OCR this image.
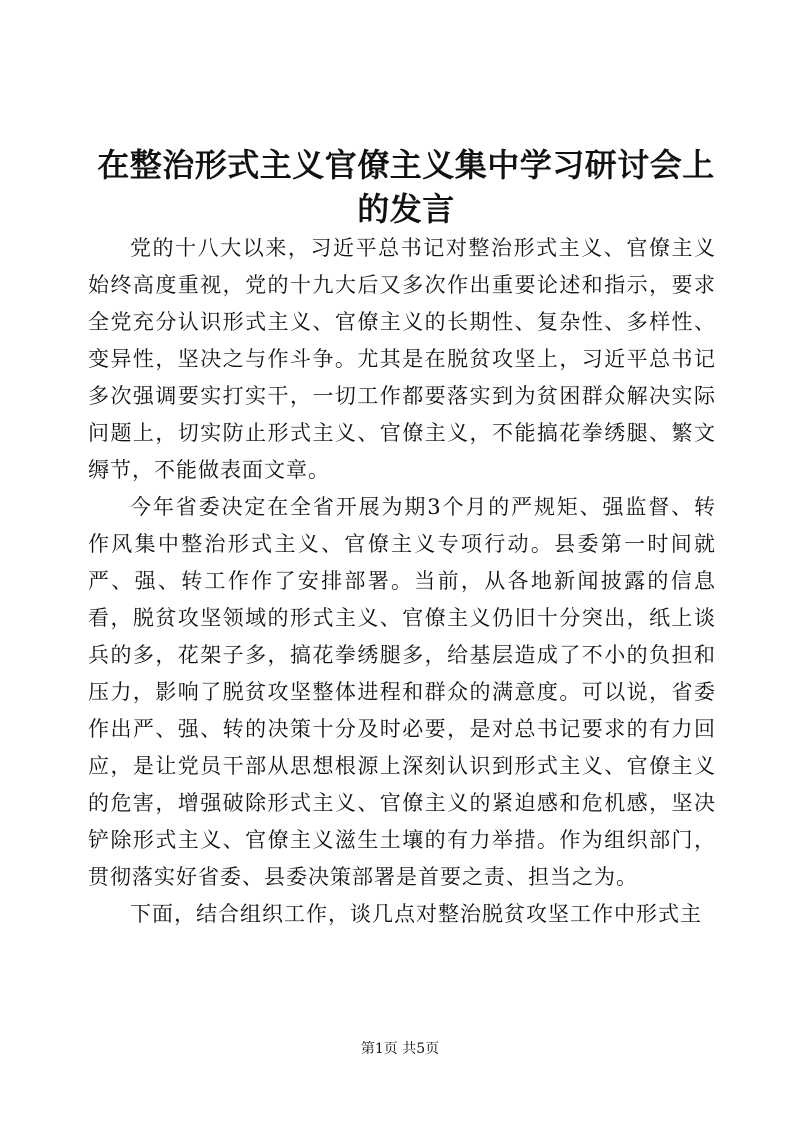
在整治形式主义官僚主义集中学习研讨会上的发言

党的十八大以来，习近平总书记对整治形式主义、官僚主义始终高度重视，党的十九大后又多次作出重要论述和指示，要求全党充分认识形式主义、官僚主义的长期性、复杂性、多样性、变异性，坚决之与作斗争。尤其是在脱贫攻坚上，习近平总书记多次强调要实打实干，一切工作都要落实到为贫困群众解决实际问题上，切实防止形式主义、官僚主义，不能搞花拳绣腿、繁文缛节，不能做表面文章。

今年省委决定在全省开展为期3个月的严规矩、强监督、转作风集中整治形式主义、官僚主义专项行动。县委第一时间就严、强、转工作作了安排部署。当前，从各地新闻披露的信息看，脱贫攻坚领域的形式主义、官僚主义仍旧十分突出，纸上谈兵的多，花架子多，搞花拳绣腿多，给基层造成了不小的负担和压力，影响了脱贫攻坚整体进程和群众的满意度。可以说，省委作出严、强、转的决策十分及时必要，是对总书记要求的有力回应，是让党员干部从思想根源上深刻认识到形式主义、官僚主义的危害，增强破除形式主义、官僚主义的紧迫感和危机感，坚决铲除形式主义、官僚主义滋生土壤的有力举措。作为组织部门，贯彻落实好省委、县委决策部署是首要之责、担当之为。

下面，结合组织工作，谈几点对整治脱贫攻坚工作中形式主

第1页 共5页
